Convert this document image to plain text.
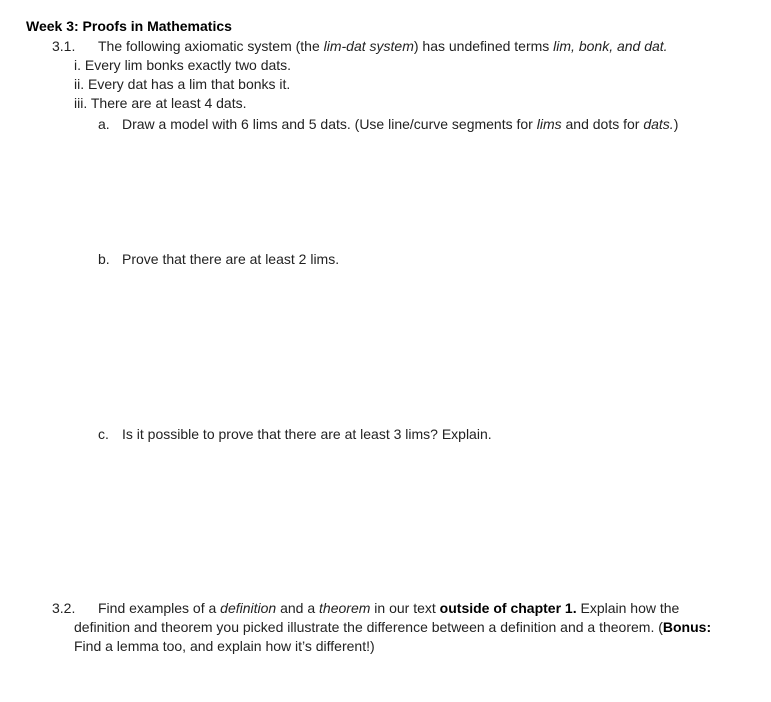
Week 3: Proofs in Mathematics
3.1. The following axiomatic system (the lim-dat system) has undefined terms lim, bonk, and dat.
i. Every lim bonks exactly two dats.
ii. Every dat has a lim that bonks it.
iii. There are at least 4 dats.
a. Draw a model with 6 lims and 5 dats. (Use line/curve segments for lims and dots for dats.)
b. Prove that there are at least 2 lims.
c. Is it possible to prove that there are at least 3 lims? Explain.
3.2. Find examples of a definition and a theorem in our text outside of chapter 1. Explain how the
definition and theorem you picked illustrate the difference between a definition and a theorem. (Bonus:
Find a lemma too, and explain how it’s different!)
